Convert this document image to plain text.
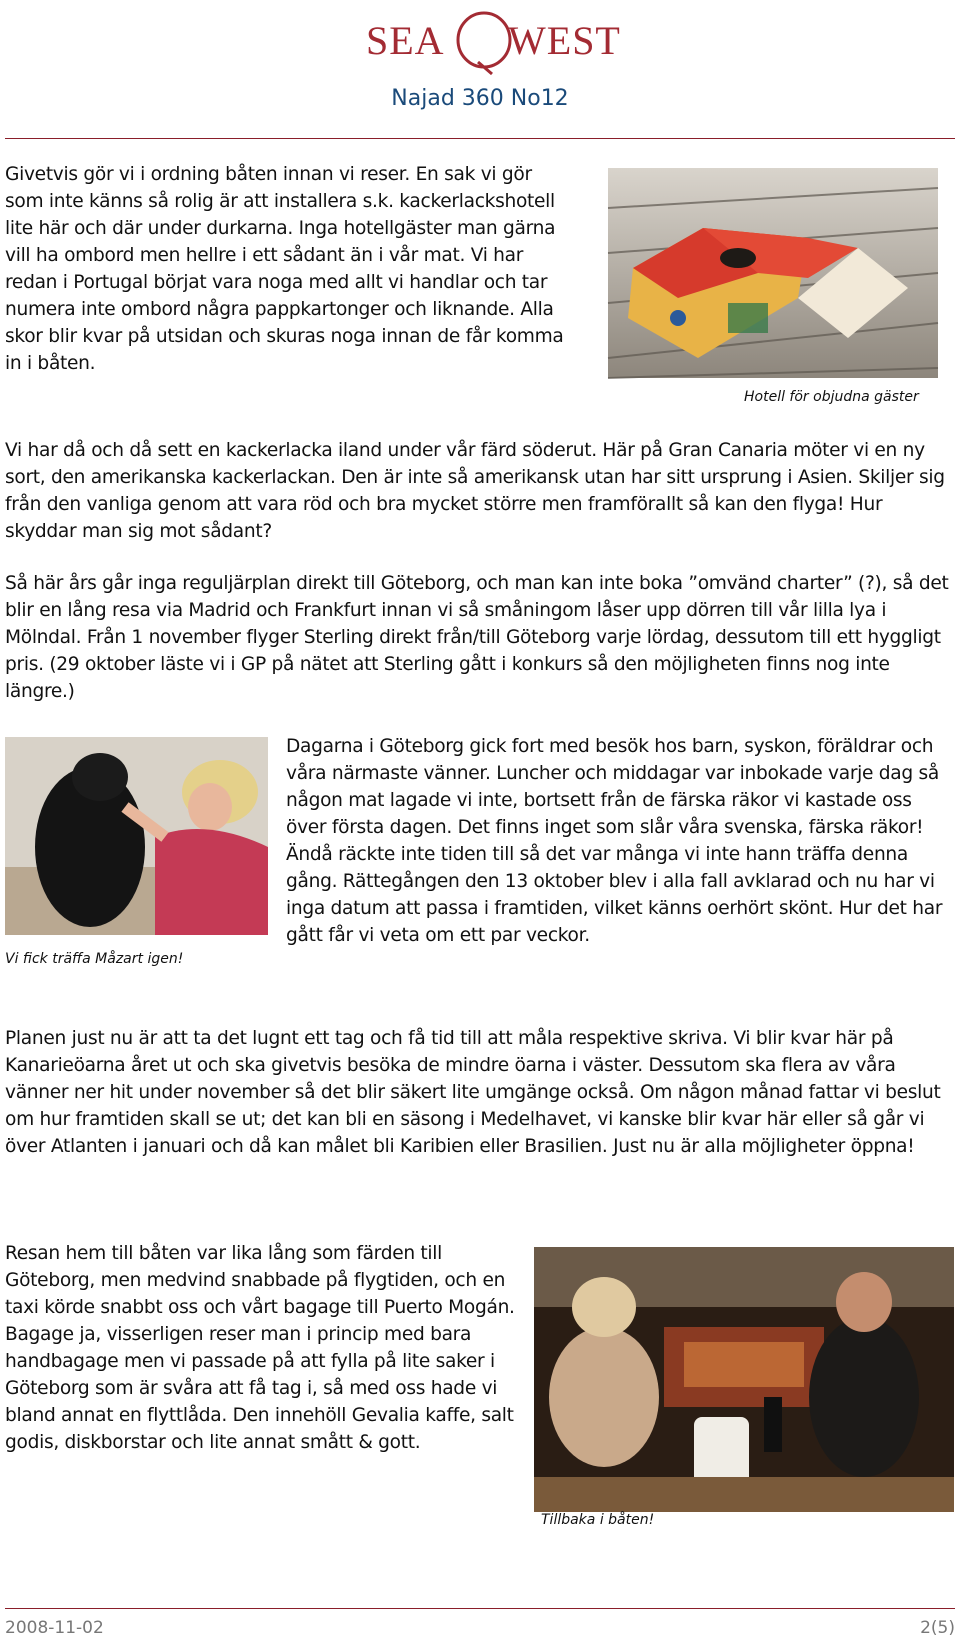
SEA WEST
Najad 360 No12

Givetvis gör vi i ordning båten innan vi reser. En sak vi gör som inte känns så rolig är att installera s.k. kackerlackshotell lite här och där under durkarna. Inga hotellgäster man gärna vill ha ombord men hellre i ett sådant än i vår mat. Vi har redan i Portugal börjat vara noga med allt vi handlar och tar numera inte ombord några pappkartonger och liknande. Alla skor blir kvar på utsidan och skuras noga innan de får komma in i båten.

Hotell för objudna gäster

Vi har då och då sett en kackerlacka iland under vår färd söderut. Här på Gran Canaria möter vi en ny sort, den amerikanska kackerlackan. Den är inte så amerikansk utan har sitt ursprung i Asien. Skiljer sig från den vanliga genom att vara röd och bra mycket större men framförallt så kan den flyga! Hur skyddar man sig mot sådant?

Så här års går inga reguljärplan direkt till Göteborg, och man kan inte boka ”omvänd charter” (?), så det blir en lång resa via Madrid och Frankfurt innan vi så småningom låser upp dörren till vår lilla lya i Mölndal. Från 1 november flyger Sterling direkt från/till Göteborg varje lördag, dessutom till ett hyggligt pris. (29 oktober läste vi i GP på nätet att Sterling gått i konkurs så den möjligheten finns nog inte längre.)

Vi fick träffa Måzart igen!

Dagarna i Göteborg gick fort med besök hos barn, syskon, föräldrar och våra närmaste vänner. Luncher och middagar var inbokade varje dag så någon mat lagade vi inte, bortsett från de färska räkor vi kastade oss över första dagen. Det finns inget som slår våra svenska, färska räkor! Ändå räckte inte tiden till så det var många vi inte hann träffa denna gång. Rättegången den 13 oktober blev i alla fall avklarad och nu har vi inga datum att passa i framtiden, vilket känns oerhört skönt. Hur det har gått får vi veta om ett par veckor.

Planen just nu är att ta det lugnt ett tag och få tid till att måla respektive skriva. Vi blir kvar här på Kanarieöarna året ut och ska givetvis besöka de mindre öarna i väster. Dessutom ska flera av våra vänner ner hit under november så det blir säkert lite umgänge också. Om någon månad fattar vi beslut om hur framtiden skall se ut; det kan bli en säsong i Medelhavet, vi kanske blir kvar här eller så går vi över Atlanten i januari och då kan målet bli Karibien eller Brasilien. Just nu är alla möjligheter öppna!

Resan hem till båten var lika lång som färden till Göteborg, men medvind snabbade på flygtiden, och en taxi körde snabbt oss och vårt bagage till Puerto Mogán. Bagage ja, visserligen reser man i princip med bara handbagage men vi passade på att fylla på lite saker i Göteborg som är svåra att få tag i, så med oss hade vi bland annat en flyttlåda. Den innehöll Gevalia kaffe, salt godis, diskborstar och lite annat smått & gott.

Tillbaka i båten!

2008-11-02	2(5)
